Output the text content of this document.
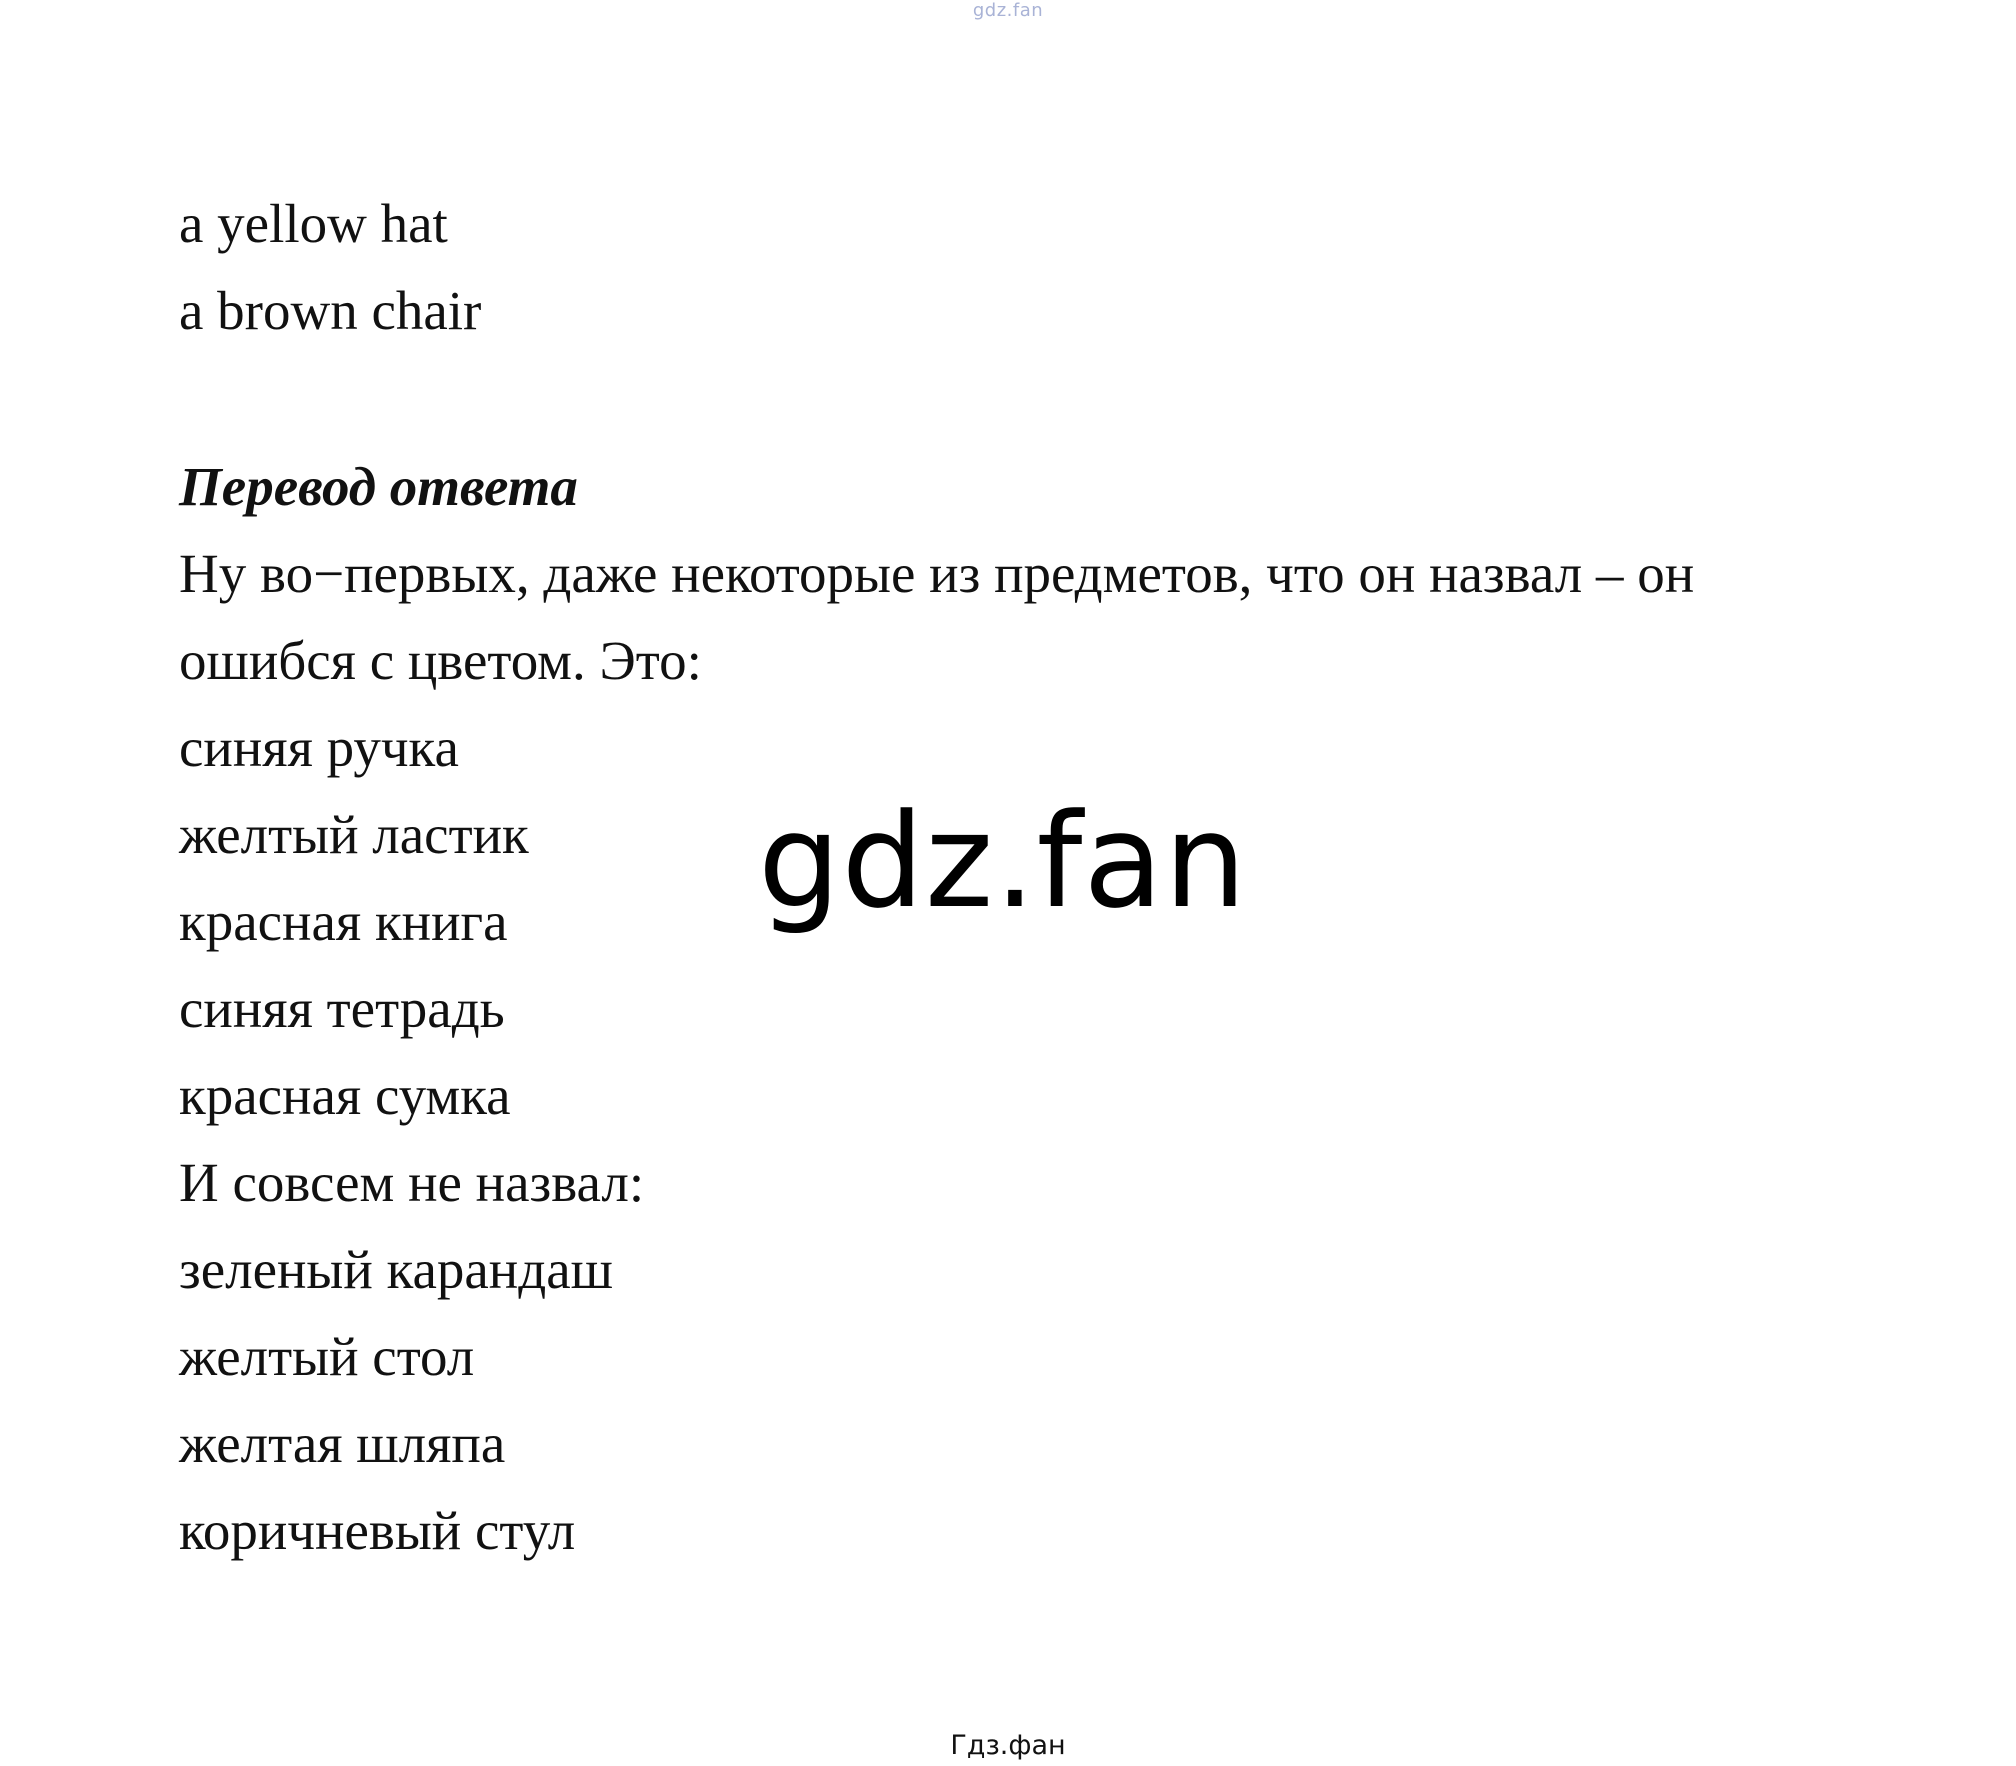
gdz.fan
a yellow hat
a brown chair
Перевод ответа
Ну во−первых, даже некоторые из предметов, что он назвал – он ошибся с цветом. Это:
синяя ручка
желтый ластик
красная книга
синяя тетрадь
красная сумка
И совсем не назвал:
зеленый карандаш
желтый стол
желтая шляпа
коричневый стул
gdz.fan
Гдз.фан
